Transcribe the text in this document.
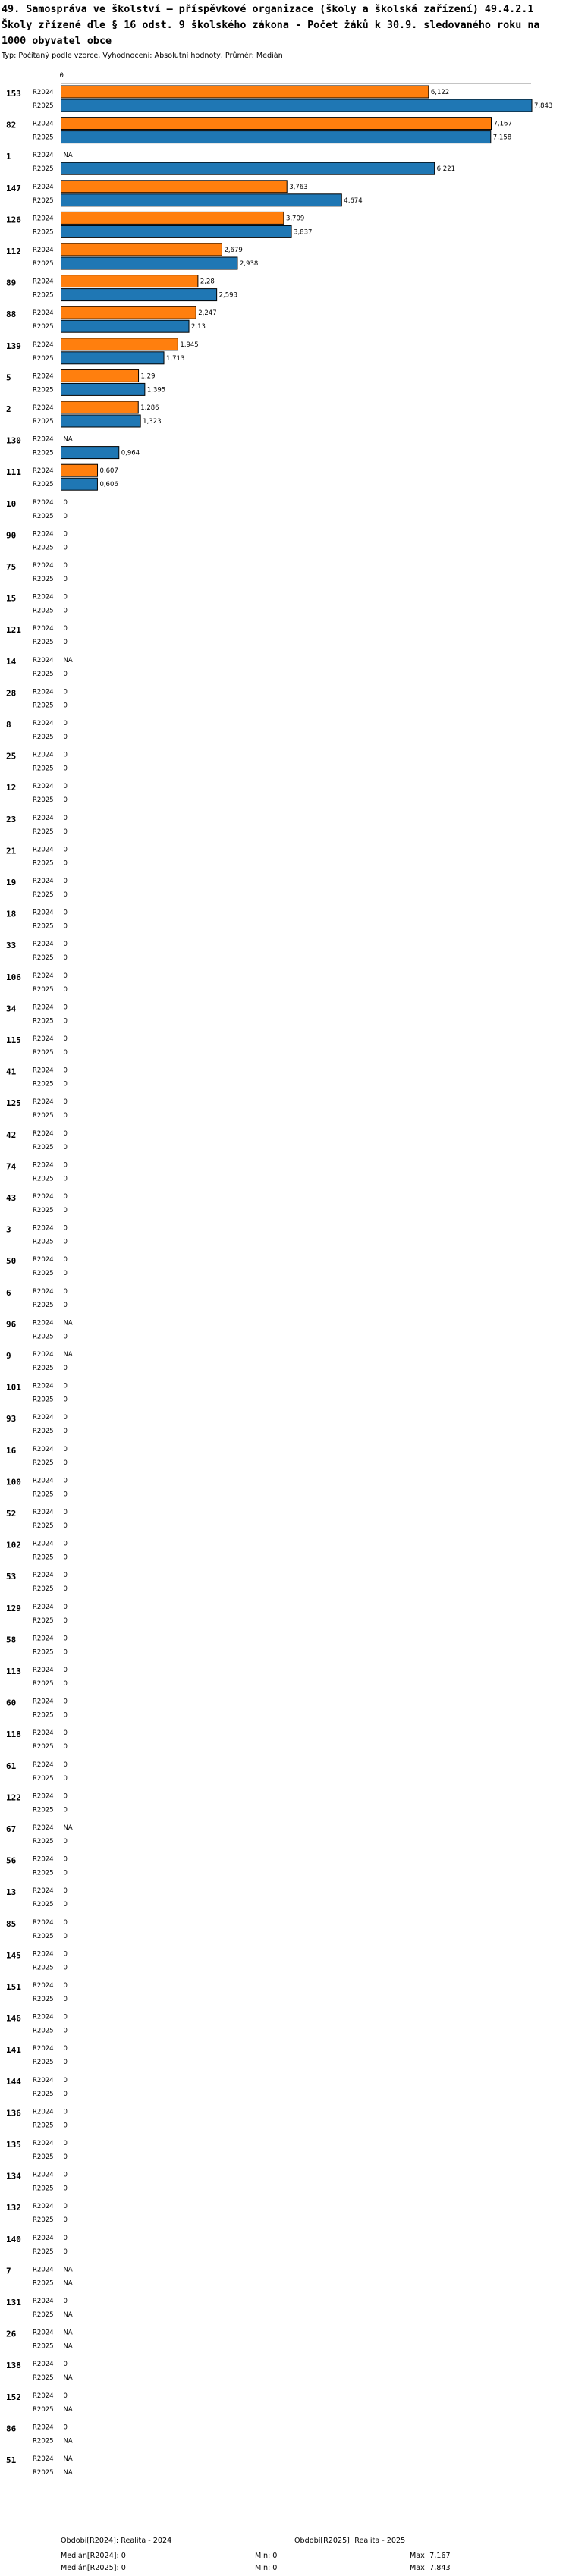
49. Samospráva ve školství – příspěvkové organizace (školy a školská zařízení) 49.4.2.1 Školy zřízené dle § 16 odst. 9 školského zákona - Počet žáků k 30.9. sledovaného roku na 1000 obyvatel obce
Typ: Počítaný podle vzorce, Vyhodnocení: Absolutní hodnoty, Průměr: Medián
0
153 R2024	6,122
R2025	7,843
82	R2024	7,167
R2025	7,158
1	R2024 NA
R2025	6,221
147 R2024	3,763
R2025	4,674
126 R2024	3,709
R2025	3,837
112 R2024	2,679
R2025	2,938
89	R2024	2,28
R2025	2,593
88	R2024	2,247
R2025	2,13
139 R2024	1,945
R2025	1,713
5	R2024	1,29
R2025	1,395
2	R2024	1,286
R2025	1,323
130 R2024 NA
R2025	0,964
111 R2024	0,607
R2025	0,606
10	R2024 0
R2025 0
90	R2024 0
R2025 0
75	R2024 0
R2025 0
15	R2024 0
R2025 0
121 R2024 0
R2025 0
14	R2024 NA
R2025 0
28	R2024 0
R2025 0
8	R2024 0
R2025 0
25	R2024 0
R2025 0
12	R2024 0
R2025 0
23	R2024 0
R2025 0
21	R2024 0
R2025 0
19	R2024 0
R2025 0
18	R2024 0
R2025 0
33	R2024 0
R2025 0
106 R2024 0
R2025 0
34	R2024 0
R2025 0
115 R2024 0
R2025 0
41	R2024 0
R2025 0
125 R2024 0
R2025 0
42	R2024 0
R2025 0
74	R2024 0
R2025 0
43	R2024 0
R2025 0
3	R2024 0
R2025 0
50	R2024 0
R2025 0
6	R2024 0
R2025 0
96	R2024 NA
R2025 0
9	R2024 NA
R2025 0
101 R2024 0
R2025 0
93	R2024 0
R2025 0
16	R2024 0
R2025 0
100 R2024 0
R2025 0
52	R2024 0
R2025 0
102 R2024 0
R2025 0
53	R2024 0
R2025 0
129 R2024 0
R2025 0
58	R2024 0
R2025 0
113 R2024 0
R2025 0
60	R2024 0
R2025 0
118 R2024 0
R2025 0
61	R2024 0
R2025 0
122 R2024 0
R2025 0
67	R2024 NA
R2025 0
56	R2024 0
R2025 0
13	R2024 0
R2025 0
85	R2024 0
R2025 0
145 R2024 0
R2025 0
151 R2024 0
R2025 0
146 R2024 0
R2025 0
141 R2024 0
R2025 0
144 R2024 0
R2025 0
136 R2024 0
R2025 0
135 R2024 0
R2025 0
134 R2024 0
R2025 0
132 R2024 0
R2025 0
140 R2024 0
R2025 0
7	R2024 NA
R2025 NA
131 R2024 0
R2025 NA
26	R2024 NA
R2025 NA
138 R2024 0
R2025 NA
152 R2024 0
R2025 NA
86	R2024 0
R2025 NA
51	R2024 NA
R2025 NA
Období[R2024]: Realita - 2024	Období[R2025]: Realita - 2025
Medián[R2024]: 0	Min: 0	Max: 7,167
Medián[R2025]: 0	Min: 0	Max: 7,843
